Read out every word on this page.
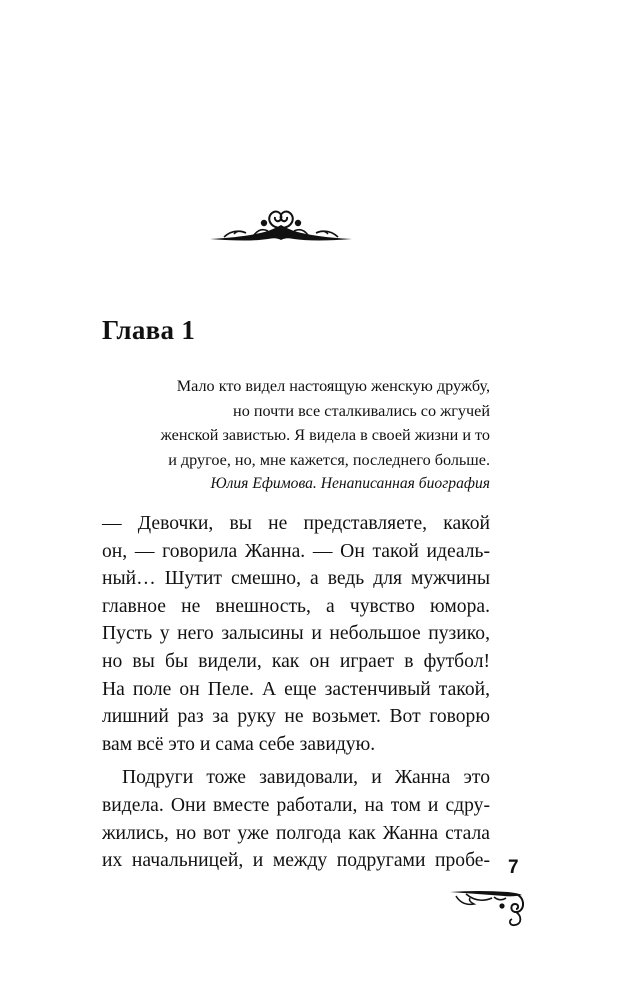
Глава 1
Мало кто видел настоящую женскую дружбу,
но почти все сталкивались со жгучей
женской завистью. Я видела в своей жизни и то
и другое, но, мне кажется, последнего больше.
Юлия Ефимова. Ненаписанная биография
— Девочки, вы не представляете, какой
он, — говорила Жанна. — Он такой идеаль-
ный… Шутит смешно, а ведь для мужчины
главное не внешность, а чувство юмора.
Пусть у него залысины и небольшое пузико,
но вы бы видели, как он играет в футбол!
На поле он Пеле. А еще застенчивый такой,
лишний раз за руку не возьмет. Вот говорю
вам всё это и сама себе завидую.
Подруги тоже завидовали, и Жанна это
видела. Они вместе работали, на том и сдру-
жились, но вот уже полгода как Жанна стала
их начальницей, и между подругами пробе- 7
